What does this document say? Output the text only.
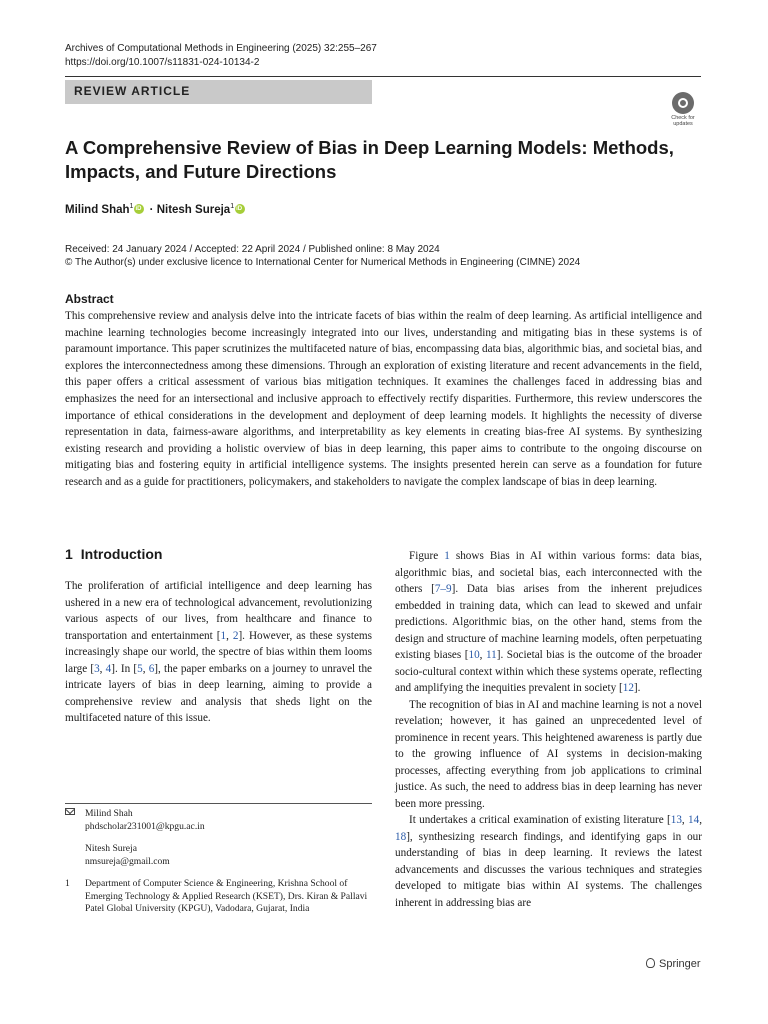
Archives of Computational Methods in Engineering (2025) 32:255–267
https://doi.org/10.1007/s11831-024-10134-2
REVIEW ARTICLE
Check for updates
A Comprehensive Review of Bias in Deep Learning Models: Methods, Impacts, and Future Directions
Milind Shah$^1$iD · Nitesh Sureja$^1$iD
Received: 24 January 2024 / Accepted: 22 April 2024 / Published online: 8 May 2024
© The Author(s) under exclusive licence to International Center for Numerical Methods in Engineering (CIMNE) 2024
Abstract
This comprehensive review and analysis delve into the intricate facets of bias within the realm of deep learning. As artificial intelligence and machine learning technologies become increasingly integrated into our lives, understanding and mitigating bias in these systems is of paramount importance. This paper scrutinizes the multifaceted nature of bias, encompassing data bias, algorithmic bias, and societal bias, and explores the interconnectedness among these dimensions. Through an exploration of existing literature and recent advancements in the field, this paper offers a critical assessment of various bias mitigation techniques. It examines the challenges faced in addressing bias and emphasizes the need for an intersectional and inclusive approach to effectively rectify disparities. Furthermore, this review underscores the importance of ethical considerations in the development and deployment of deep learning models. It highlights the necessity of diverse representation in data, fairness-aware algorithms, and interpretability as key elements in creating bias-free AI systems. By synthesizing existing research and providing a holistic overview of bias in deep learning, this paper aims to contribute to the ongoing discourse on mitigating bias and fostering equity in artificial intelligence systems. The insights presented herein can serve as a foundation for future research and as a guide for practitioners, policymakers, and stakeholders to navigate the complex landscape of bias in deep learning.
1 Introduction

The proliferation of artificial intelligence and deep learning has ushered in a new era of technological advancement, revolutionizing various aspects of our lives, from healthcare and finance to transportation and entertainment [1, 2]. However, as these systems increasingly shape our world, the spectre of bias within them looms large [3, 4]. In [5, 6], the paper embarks on a journey to unravel the intricate layers of bias in deep learning, aiming to provide a comprehensive review and analysis that sheds light on the multifaceted nature of this issue.

Figure 1 shows Bias in AI within various forms: data bias, algorithmic bias, and societal bias, each interconnected with the others [7–9]. Data bias arises from the inherent prejudices embedded in training data, which can lead to skewed and unfair predictions. Algorithmic bias, on the other hand, stems from the design and structure of machine learning models, often perpetuating existing biases [10, 11]. Societal bias is the outcome of the broader socio-cultural context within which these systems operate, reflecting and amplifying the inequities prevalent in society [12].

The recognition of bias in AI and machine learning is not a novel revelation; however, it has gained an unprecedented level of prominence in recent years. This heightened awareness is partly due to the growing influence of AI systems in decision-making processes, affecting everything from job applications to criminal justice. As such, the need to address bias in deep learning has never been more pressing.

It undertakes a critical examination of existing literature [13, 14, 18], synthesizing research findings, and identifying gaps in our understanding of bias in deep learning. It reviews the latest advancements and discusses the various techniques and strategies developed to mitigate bias within AI systems. The challenges inherent in addressing bias are

Milind Shah
phdscholar231001@kpgu.ac.in
Nitesh Sureja
nmsureja@gmail.com
1	Department of Computer Science & Engineering, Krishna School of Emerging Technology & Applied Research (KSET), Drs. Kiran & Pallavi Patel Global University (KPGU), Vadodara, Gujarat, India
Springer
